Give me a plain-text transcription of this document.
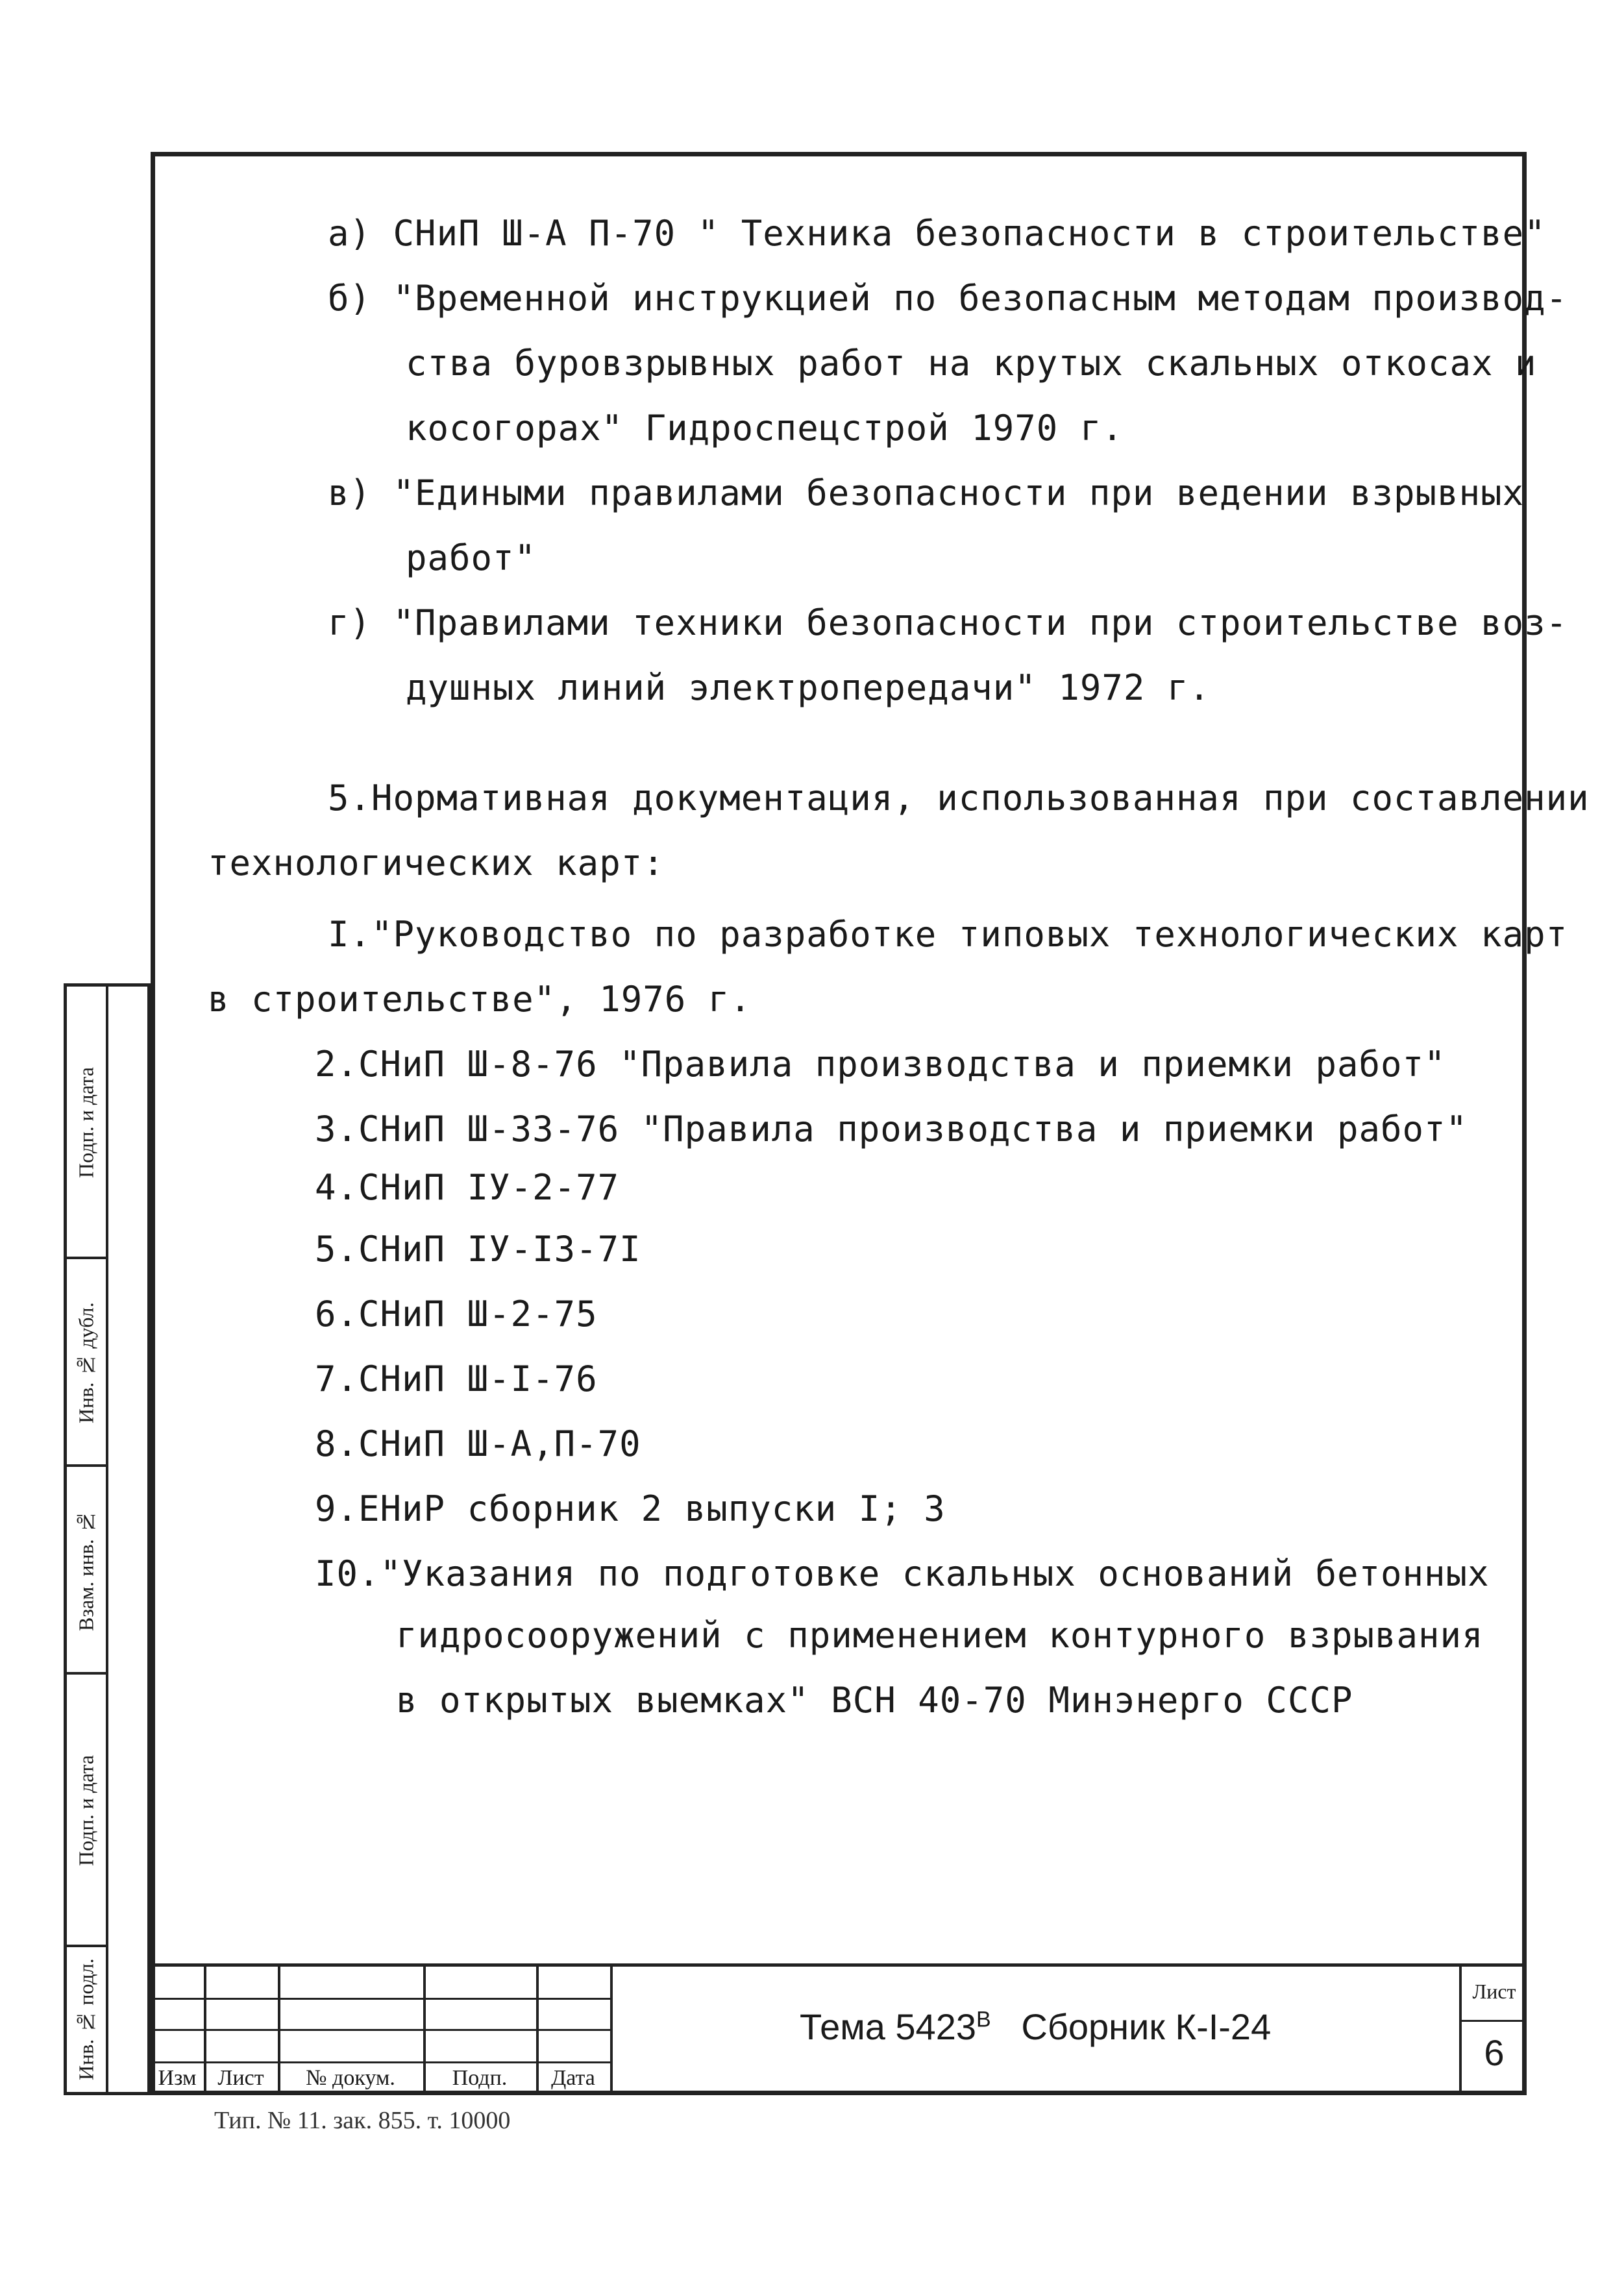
а) СНиП Ш-А П-70 " Техника безопасности в строительстве"
б) "Временной инструкцией по безопасным методам производ-
ства буровзрывных работ на крутых скальных откосах и
косогорах" Гидроспецстрой 1970 г.
в) "Едиными правилами безопасности при ведении взрывных
работ"
г) "Правилами техники безопасности при строительстве воз-
душных линий электропередачи" 1972 г.
5.Нормативная документация, использованная при составлении
технологических карт:
I."Руководство по разработке типовых технологических карт
в строительстве", 1976 г.
2.СНиП Ш-8-76 "Правила производства и приемки работ"
3.СНиП Ш-33-76 "Правила производства и приемки работ"
4.СНиП IУ-2-77
5.СНиП IУ-I3-7I
6.СНиП Ш-2-75
7.СНиП Ш-I-76
8.СНиП Ш-А,П-70
9.ЕНиР сборник 2 выпуски I; 3
I0."Указания по подготовке скальных оснований бетонных
гидросооружений с применением контурного взрывания
в открытых выемках" ВСН 40-70 Минэнерго СССР
Подп. и дата
Инв. № дубл.
Взам. инв. №
Подп. и дата
Инв. № подл.	Изм Лист	№ докум.	Подп.	Дата
Тема $5423^В$ Сборник К-I-24
Лист
6
Тип. № 11. зак. 855. т. 10000
